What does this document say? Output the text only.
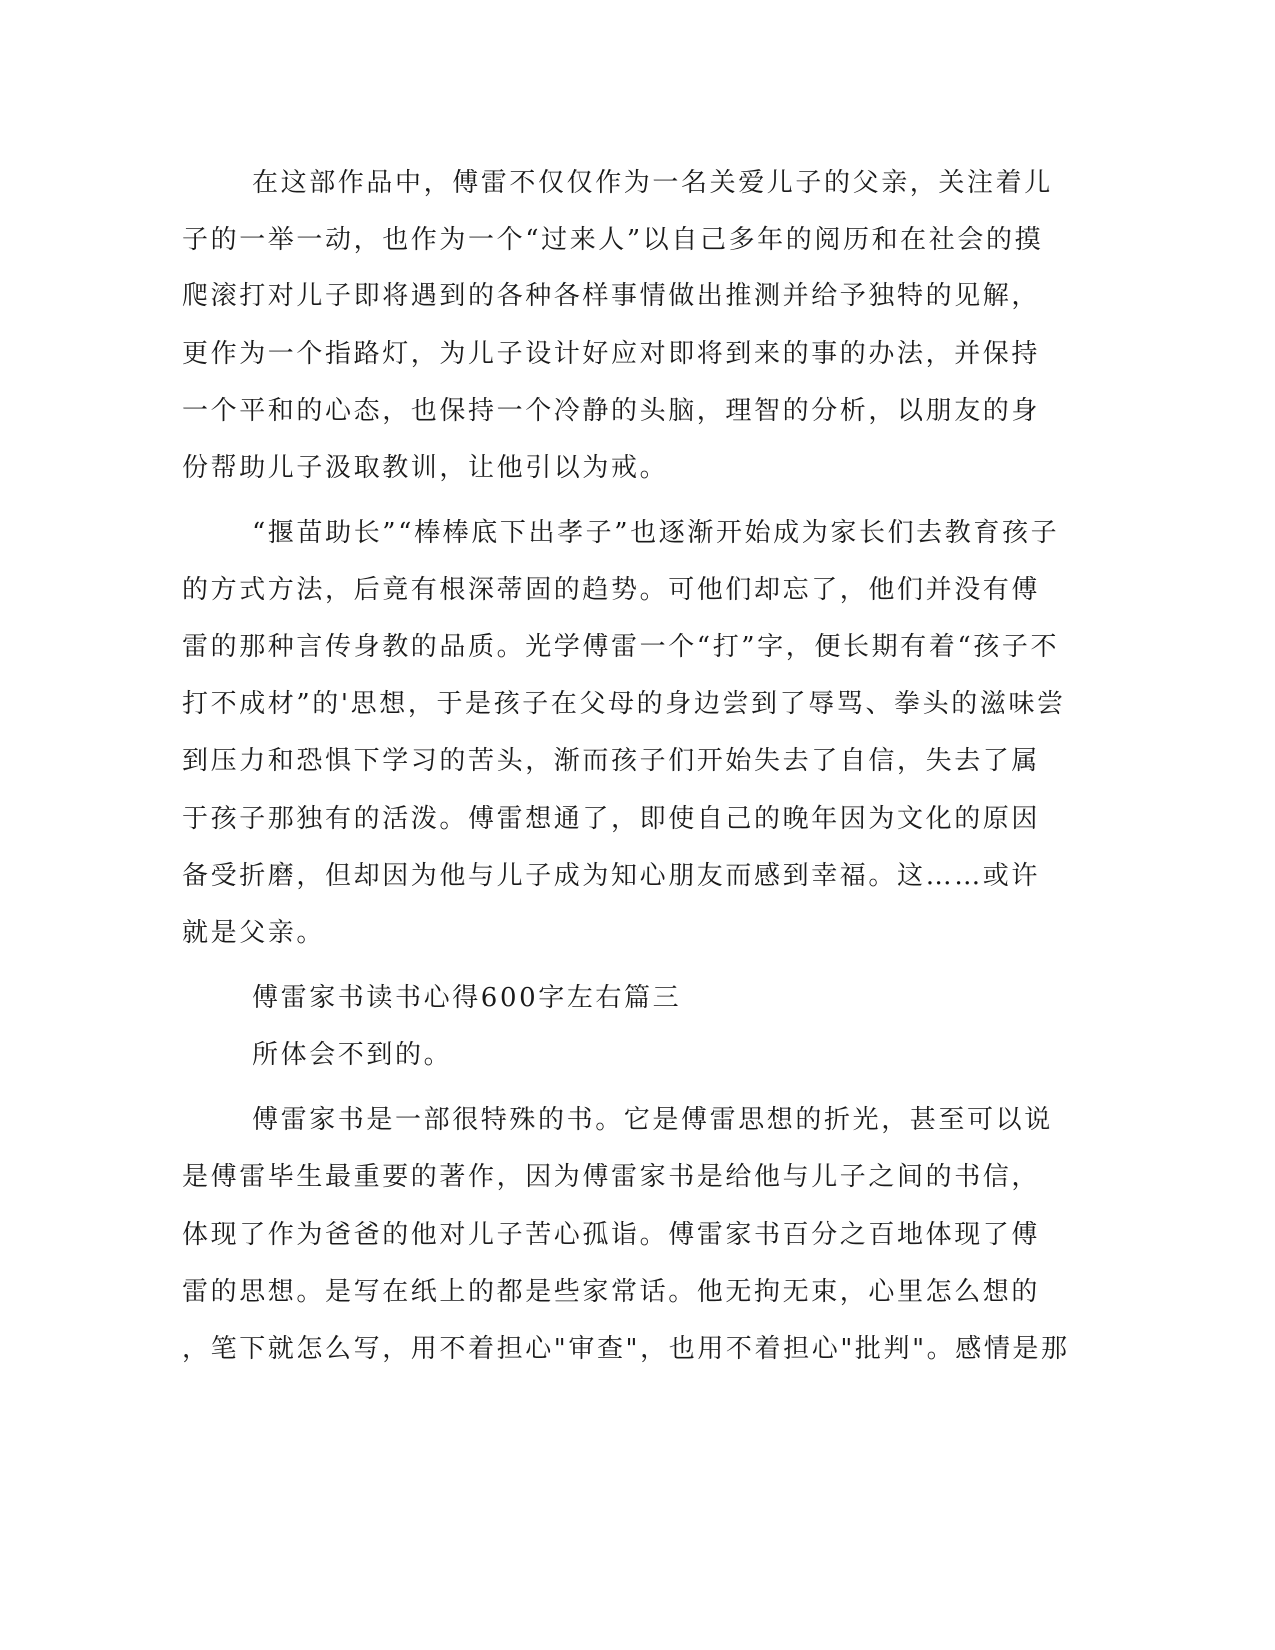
在这部作品中，傅雷不仅仅作为一名关爱儿子的父亲，关注着儿
子的一举一动，也作为一个“过来人”以自己多年的阅历和在社会的摸
爬滚打对儿子即将遇到的各种各样事情做出推测并给予独特的见解，
更作为一个指路灯，为儿子设计好应对即将到来的事的办法，并保持
一个平和的心态，也保持一个冷静的头脑，理智的分析，以朋友的身
份帮助儿子汲取教训，让他引以为戒。
“揠苗助长”“棒棒底下出孝子”也逐渐开始成为家长们去教育孩子
的方式方法，后竟有根深蒂固的趋势。可他们却忘了，他们并没有傅
雷的那种言传身教的品质。光学傅雷一个“打”字，便长期有着“孩子不
打不成材”的'思想，于是孩子在父母的身边尝到了辱骂、拳头的滋味尝
到压力和恐惧下学习的苦头，渐而孩子们开始失去了自信，失去了属
于孩子那独有的活泼。傅雷想通了，即使自己的晚年因为文化的原因
备受折磨，但却因为他与儿子成为知心朋友而感到幸福。这……或许
就是父亲。
傅雷家书读书心得600字左右篇三
所体会不到的。
傅雷家书是一部很特殊的书。它是傅雷思想的折光，甚至可以说
是傅雷毕生最重要的著作，因为傅雷家书是给他与儿子之间的书信，
体现了作为爸爸的他对儿子苦心孤诣。傅雷家书百分之百地体现了傅
雷的思想。是写在纸上的都是些家常话。他无拘无束，心里怎么想的
，笔下就怎么写，用不着担心"审查"，也用不着担心"批判"。感情是那
